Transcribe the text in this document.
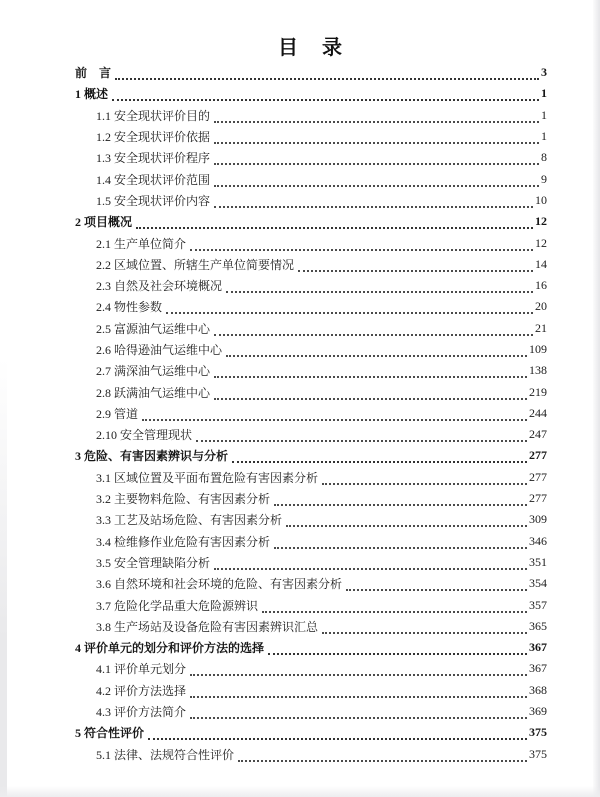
目　录
前　言	3
1 概述	1
1.1 安全现状评价目的	1
1.2 安全现状评价依据	1
1.3 安全现状评价程序	8
1.4 安全现状评价范围	9
1.5 安全现状评价内容	10
2 项目概况	12
2.1 生产单位简介	12
2.2 区域位置、所辖生产单位简要情况	14
2.3 自然及社会环境概况	16
2.4 物性参数	20
2.5 富源油气运维中心	21
2.6 哈得逊油气运维中心	109
2.7 满深油气运维中心	138
2.8 跃满油气运维中心	219
2.9 管道	244
2.10 安全管理现状	247
3 危险、有害因素辨识与分析	277
3.1 区域位置及平面布置危险有害因素分析	277
3.2 主要物料危险、有害因素分析	277
3.3 工艺及站场危险、有害因素分析	309
3.4 检维修作业危险有害因素分析	346
3.5 安全管理缺陷分析	351
3.6 自然环境和社会环境的危险、有害因素分析	354
3.7 危险化学品重大危险源辨识	357
3.8 生产场站及设备危险有害因素辨识汇总	365
4 评价单元的划分和评价方法的选择	367
4.1 评价单元划分	367
4.2 评价方法选择	368
4.3 评价方法简介	369
5 符合性评价	375
5.1 法律、法规符合性评价	375
